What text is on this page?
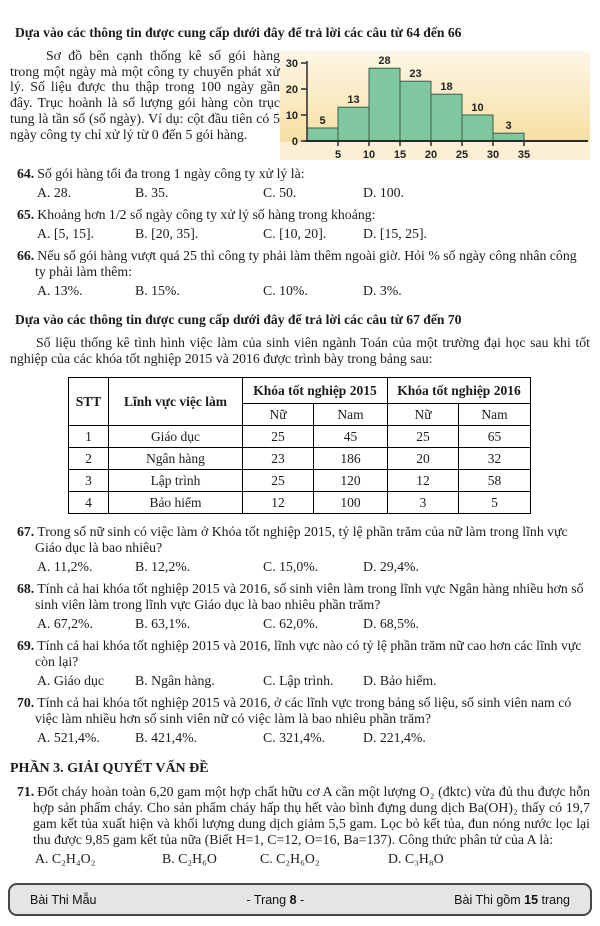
Dựa vào các thông tin được cung cấp dưới đây để trả lời các câu từ 64 đến 66

Sơ đồ bên cạnh thống kê số gói hàng trong một ngày mà một công ty chuyển phát xử lý. Số liệu được thu thập trong 100 ngày gần đây. Trục hoành là số lượng gói hàng còn trục tung là tần số (số ngày). Ví dụ: cột đầu tiên có 5 ngày công ty chỉ xử lý từ 0 đến 5 gói hàng.

5
13
28
23
18
10
3
0
10
20
30
5 10 15 20 25 30 35
64. Số gói hàng tối đa trong 1 ngày công ty xử lý là:
A. 28.	B. 35.	C. 50.	D. 100.
65. Khoảng hơn 1/2 số ngày công ty xử lý số hàng trong khoảng:
A. [5, 15].	B. [20, 35].	C. [10, 20].	D. [15, 25].
66. Nếu số gói hàng vượt quá 25 thì công ty phải làm thêm ngoài giờ. Hỏi % số ngày công nhân công ty phải làm thêm:
A. 13%.	B. 15%.	C. 10%.	D. 3%.
Dựa vào các thông tin được cung cấp dưới đây để trả lời các câu từ 67 đến 70

Số liệu thống kê tình hình việc làm của sinh viên ngành Toán của một trường đại học sau khi tốt nghiệp của các khóa tốt nghiệp 2015 và 2016 được trình bày trong bảng sau:

STT	Lĩnh vực việc làm	Khóa tốt nghiệp 2015		Khóa tốt nghiệp 2016	
		Nữ	Nam	Nữ	Nam
1	Giáo dục	25	45	25	65
2	Ngân hàng	23	186	20	32
3	Lập trình	25	120	12	58
4	Bảo hiểm	12	100	3	5
67. Trong số nữ sinh có việc làm ở Khóa tốt nghiệp 2015, tỷ lệ phần trăm của nữ làm trong lĩnh vực Giáo dục là bao nhiêu?
A. 11,2%.	B. 12,2%.	C. 15,0%.	D. 29,4%.
68. Tính cả hai khóa tốt nghiệp 2015 và 2016, số sinh viên làm trong lĩnh vực Ngân hàng nhiều hơn số sinh viên làm trong lĩnh vực Giáo dục là bao nhiêu phần trăm?
A. 67,2%.	B. 63,1%.	C. 62,0%.	D. 68,5%.
69. Tính cả hai khóa tốt nghiệp 2015 và 2016, lĩnh vực nào có tỷ lệ phần trăm nữ cao hơn các lĩnh vực còn lại?
A. Giáo dục	B. Ngân hàng.	C. Lập trình.	D. Bảo hiểm.
70. Tính cả hai khóa tốt nghiệp 2015 và 2016, ở các lĩnh vực trong bảng số liệu, số sinh viên nam có việc làm nhiều hơn số sinh viên nữ có việc làm là bao nhiêu phần trăm?
A. 521,4%.	B. 421,4%.	C. 321,4%.	D. 221,4%.
PHẦN 3. GIẢI QUYẾT VẤN ĐỀ
71. Đốt cháy hoàn toàn 6,20 gam một hợp chất hữu cơ A cần một lượng O₂ (đktc) vừa đủ thu được hỗn hợp sản phẩm cháy. Cho sản phẩm cháy hấp thụ hết vào bình đựng dung dịch Ba(OH)₂ thấy có 19,7 gam kết tủa xuất hiện và khối lượng dung dịch giảm 5,5 gam. Lọc bỏ kết tủa, đun nóng nước lọc lại thu được 9,85 gam kết tủa nữa (Biết H=1, C=12, O=16, Ba=137). Công thức phân tử của A là:
A. C₂H₄O₂	B. C₂H₆O	C. C₂H₆O₂	D. C₃H₈O
Bài Thi Mẫu	- Trang 8 -	Bài Thi gồm 15 trang
